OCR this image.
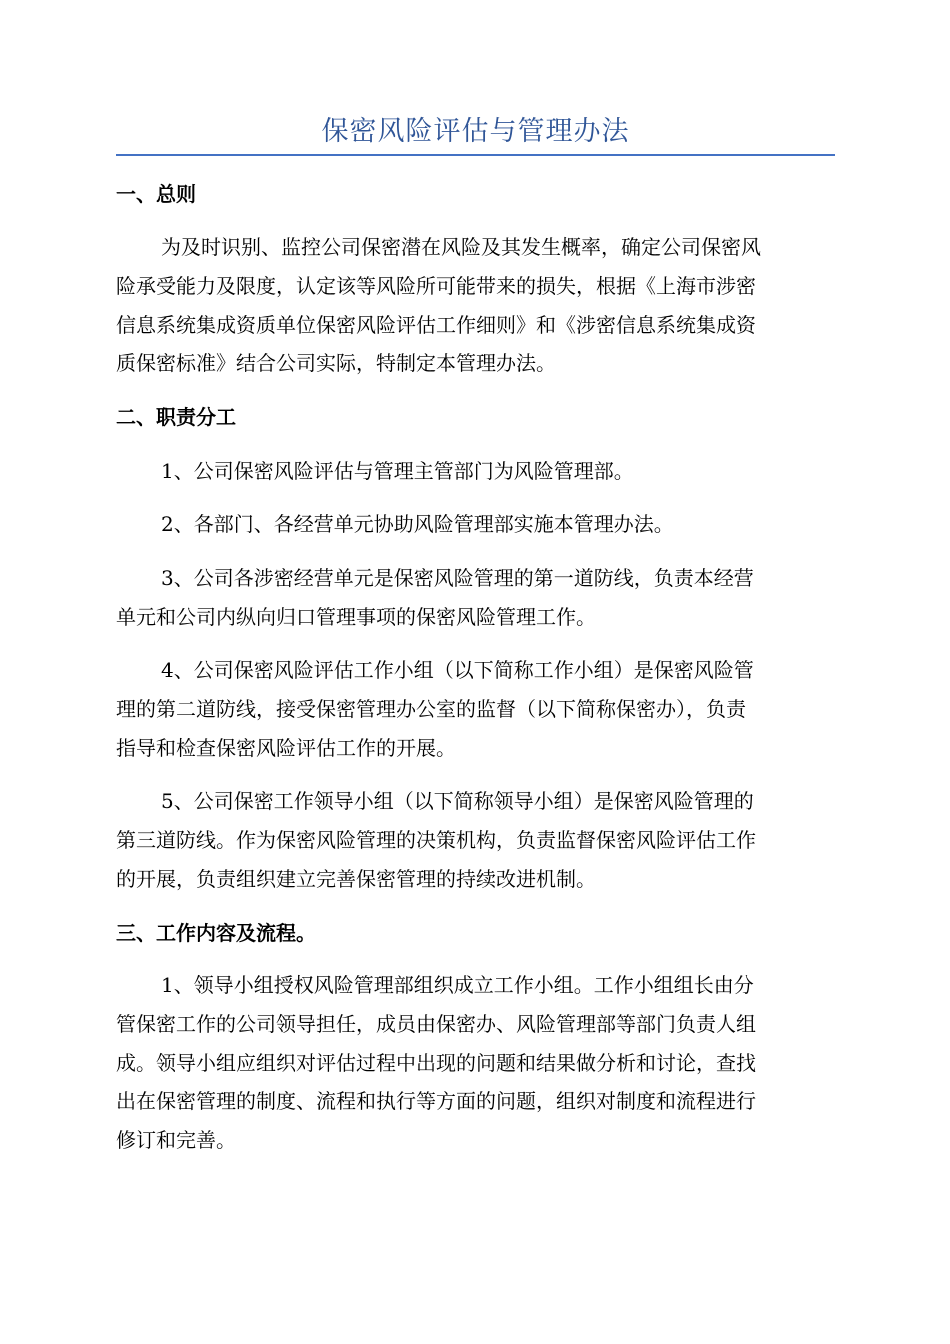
保密风险评估与管理办法
一、总则
为及时识别、监控公司保密潜在风险及其发生概率，确定公司保密风
险承受能力及限度，认定该等风险所可能带来的损失，根据《上海市涉密
信息系统集成资质单位保密风险评估工作细则》和《涉密信息系统集成资
质保密标准》结合公司实际，特制定本管理办法。
二、职责分工
1、公司保密风险评估与管理主管部门为风险管理部。
2、各部门、各经营单元协助风险管理部实施本管理办法。
3、公司各涉密经营单元是保密风险管理的第一道防线，负责本经营
单元和公司内纵向归口管理事项的保密风险管理工作。
4、公司保密风险评估工作小组（以下简称工作小组）是保密风险管
理的第二道防线，接受保密管理办公室的监督（以下简称保密办），负责
指导和检查保密风险评估工作的开展。
5、公司保密工作领导小组（以下简称领导小组）是保密风险管理的
第三道防线。作为保密风险管理的决策机构，负责监督保密风险评估工作
的开展，负责组织建立完善保密管理的持续改进机制。
三、工作内容及流程。
1、领导小组授权风险管理部组织成立工作小组。工作小组组长由分
管保密工作的公司领导担任，成员由保密办、风险管理部等部门负责人组
成。领导小组应组织对评估过程中出现的问题和结果做分析和讨论，查找
出在保密管理的制度、流程和执行等方面的问题，组织对制度和流程进行
修订和完善。
